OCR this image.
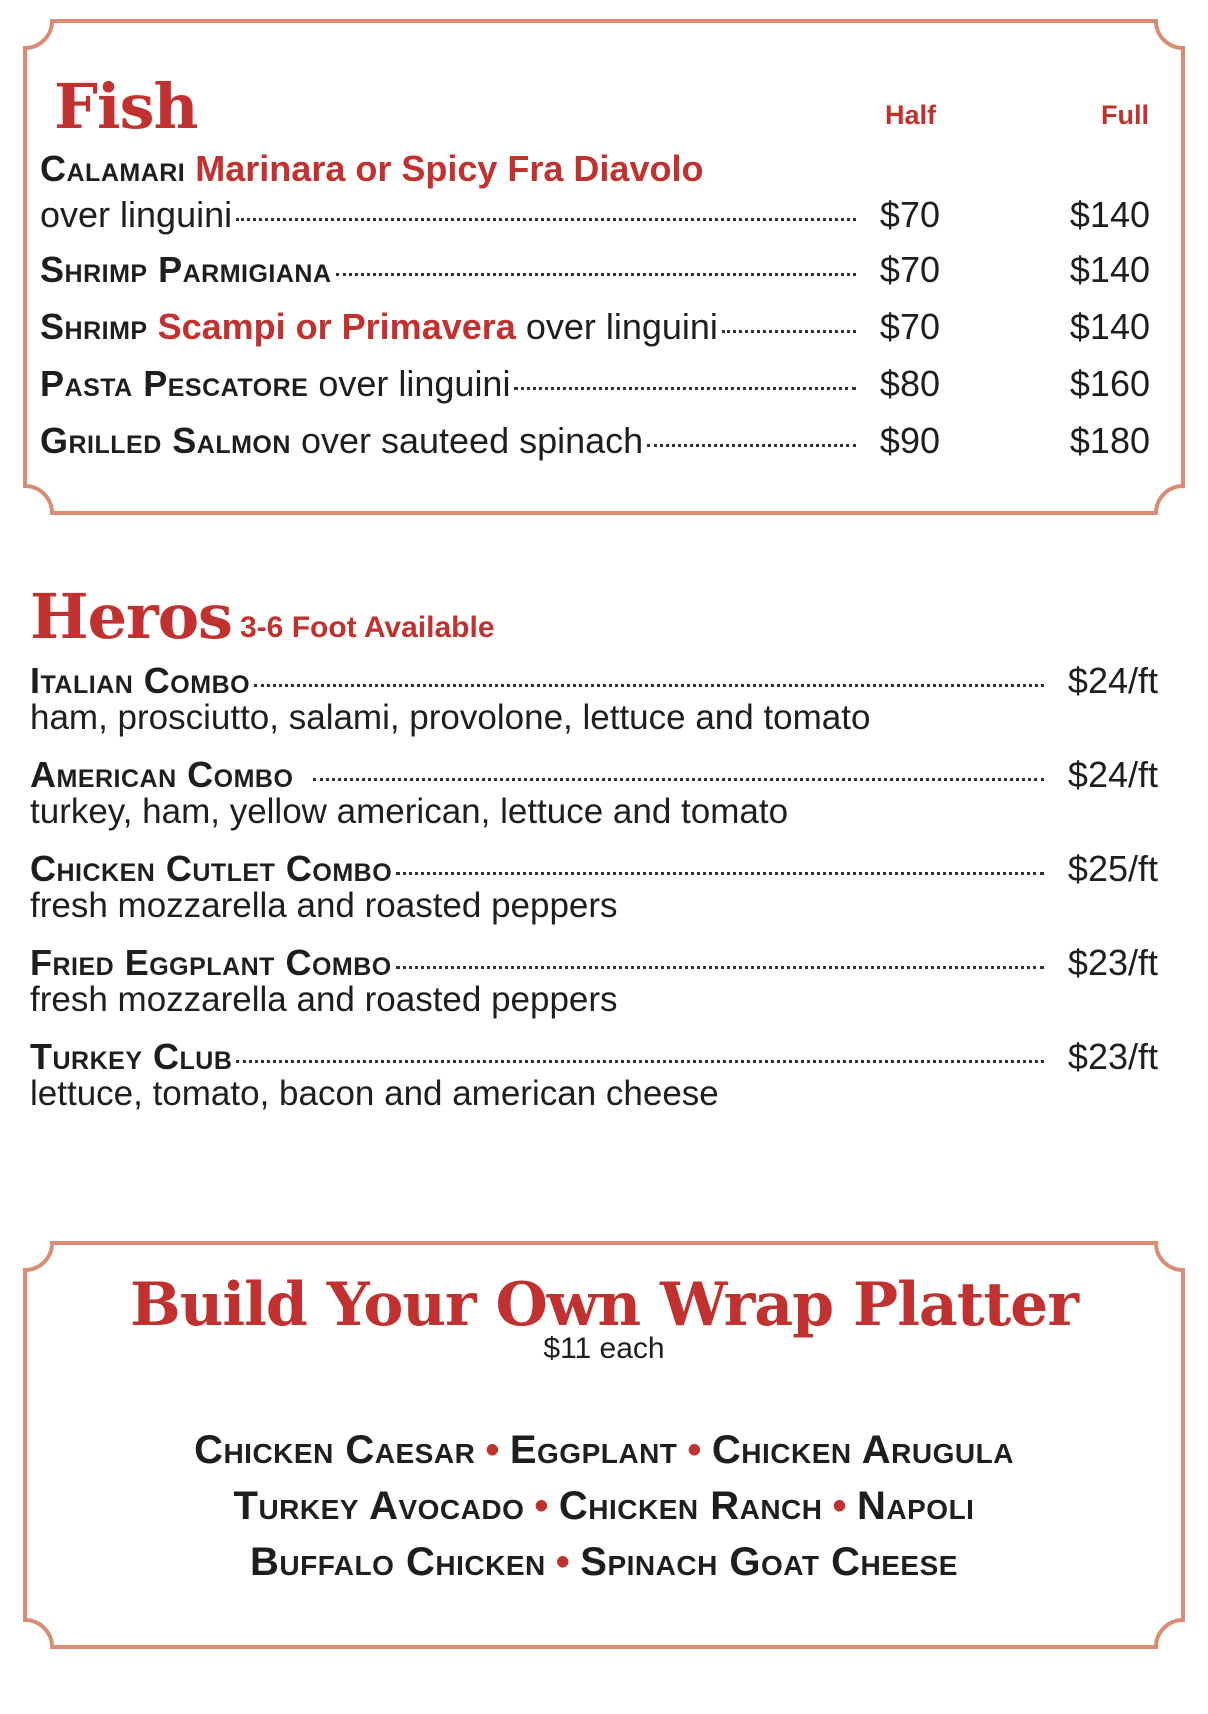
Fish	Half	Full
Calamari
Marinara or Spicy Fra Diavolo
over linguini	$70	$140
Shrimp Parmigiana	$70	$140
Shrimp
Scampi or Primavera
over linguini	$70	$140
Pasta Pescatore
over linguini	$80	$160
Grilled Salmon
over sauteed spinach	$90	$180
Heros 3-6 Foot Available
Italian Combo	$24/ft
ham, prosciutto, salami, provolone, lettuce and tomato
American Combo	$24/ft
turkey, ham, yellow american, lettuce and tomato
Chicken Cutlet Combo	$25/ft
fresh mozzarella and roasted peppers
Fried Eggplant Combo	$23/ft
fresh mozzarella and roasted peppers
Turkey Club	$23/ft
lettuce, tomato, bacon and american cheese
Build Your Own Wrap Platter
$11 each
Chicken Caesar • Eggplant • Chicken Arugula
Turkey Avocado • Chicken Ranch • Napoli
Buffalo Chicken • Spinach Goat Cheese
